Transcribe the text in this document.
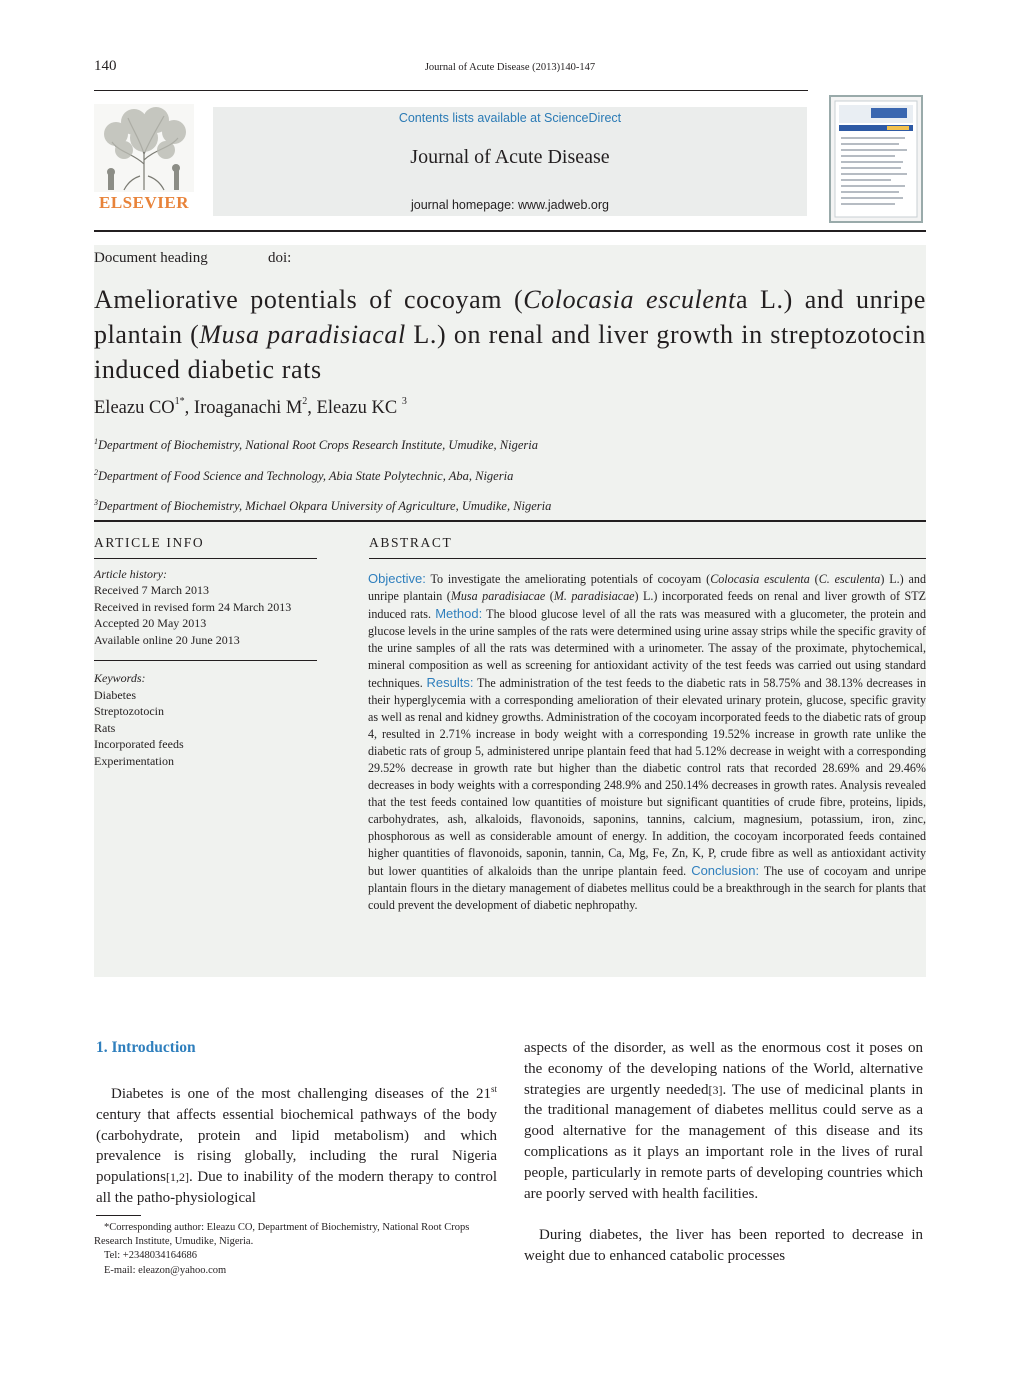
140	Journal of Acute Disease (2013)140-147
ELSEVIER
Contents lists available at ScienceDirect
Journal of Acute Disease
journal homepage: www.jadweb.org
Document heading	doi:
Ameliorative potentials of cocoyam (Colocasia esculenta L.) and unripe plantain (Musa paradisiacal L.) on renal and liver growth in streptozotocin induced diabetic rats
Eleazu $CO^{1*}$, Iroaganachi $M^2$, Eleazu KC $^3$
$^1$Department of Biochemistry, National Root Crops Research Institute, Umudike, Nigeria
$^2$Department of Food Science and Technology, Abia State Polytechnic, Aba, Nigeria
$^3$Department of Biochemistry, Michael Okpara University of Agriculture, Umudike, Nigeria
ARTICLE INFO	ABSTRACT
Article history:
Received 7 March 2013
Received in revised form 24 March 2013
Accepted 20 May 2013
Available online 20 June 2013
Keywords:
Diabetes
Streptozotocin
Rats
Incorporated feeds
Experimentation
Objective: To investigate the ameliorating potentials of cocoyam (Colocasia esculenta (C. esculenta) L.) and unripe plantain (Musa paradisiacae (M. paradisiacae) L.) incorporated feeds on renal and liver growth of STZ induced rats. Method: The blood glucose level of all the rats was measured with a glucometer, the protein and glucose levels in the urine samples of the rats were determined using urine assay strips while the specific gravity of the urine samples of all the rats was determined with a urinometer. The assay of the proximate, phytochemical, mineral composition as well as screening for antioxidant activity of the test feeds was carried out using standard techniques. Results: The administration of the test feeds to the diabetic rats in 58.75% and 38.13% decreases in their hyperglycemia with a corresponding amelioration of their elevated urinary protein, glucose, specific gravity as well as renal and kidney growths. Administration of the cocoyam incorporated feeds to the diabetic rats of group 4, resulted in 2.71% increase in body weight with a corresponding 19.52% increase in growth rate unlike the diabetic rats of group 5, administered unripe plantain feed that had 5.12% decrease in weight with a corresponding 29.52% decrease in growth rate but higher than the diabetic control rats that recorded 28.69% and 29.46% decreases in body weights with a corresponding 248.9% and 250.14% decreases in growth rates. Analysis revealed that the test feeds contained low quantities of moisture but significant quantities of crude fibre, proteins, lipids, carbohydrates, ash, alkaloids, flavonoids, saponins, tannins, calcium, magnesium, potassium, iron, zinc, phosphorous as well as considerable amount of energy. In addition, the cocoyam incorporated feeds contained higher quantities of flavonoids, saponin, tannin, Ca, Mg, Fe, Zn, K, P, crude fibre as well as antioxidant activity but lower quantities of alkaloids than the unripe plantain feed. Conclusion: The use of cocoyam and unripe plantain flours in the dietary management of diabetes mellitus could be a breakthrough in the search for plants that could prevent the development of diabetic nephropathy.
1. Introduction
Diabetes is one of the most challenging diseases of the 21st century that affects essential biochemical pathways of the body (carbohydrate, protein and lipid metabolism) and which prevalence is rising globally, including the rural Nigeria populations[1,2]. Due to inability of the modern therapy to control all the patho-physiological
aspects of the disorder, as well as the enormous cost it poses on the economy of the developing nations of the World, alternative strategies are urgently needed[3]. The use of medicinal plants in the traditional management of diabetes mellitus could serve as a good alternative for the management of this disease and its complications as it plays an important role in the lives of rural people, particularly in remote parts of developing countries which are poorly served with health facilities.
During diabetes, the liver has been reported to decrease in weight due to enhanced catabolic processes
*Corresponding author: Eleazu CO, Department of Biochemistry, National Root Crops Research Institute, Umudike, Nigeria.
Tel: +2348034164686
E-mail: eleazon@yahoo.com
